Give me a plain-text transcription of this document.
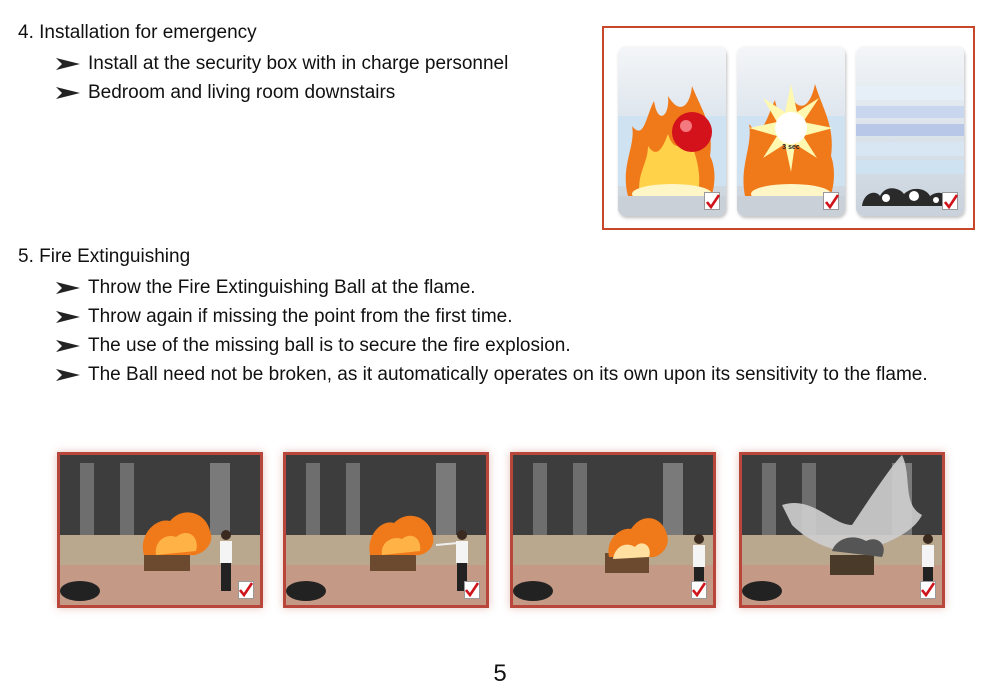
4. Installation for emergency
Install at the security box with in charge personnel
Bedroom and living room downstairs
3 sec
5. Fire Extinguishing
Throw the Fire Extinguishing Ball at the flame.
Throw again if missing the point from the first time.
The use of the missing ball is to secure the fire explosion.
The Ball need not be broken, as it automatically operates on its own upon its sensitivity to the flame.
5
